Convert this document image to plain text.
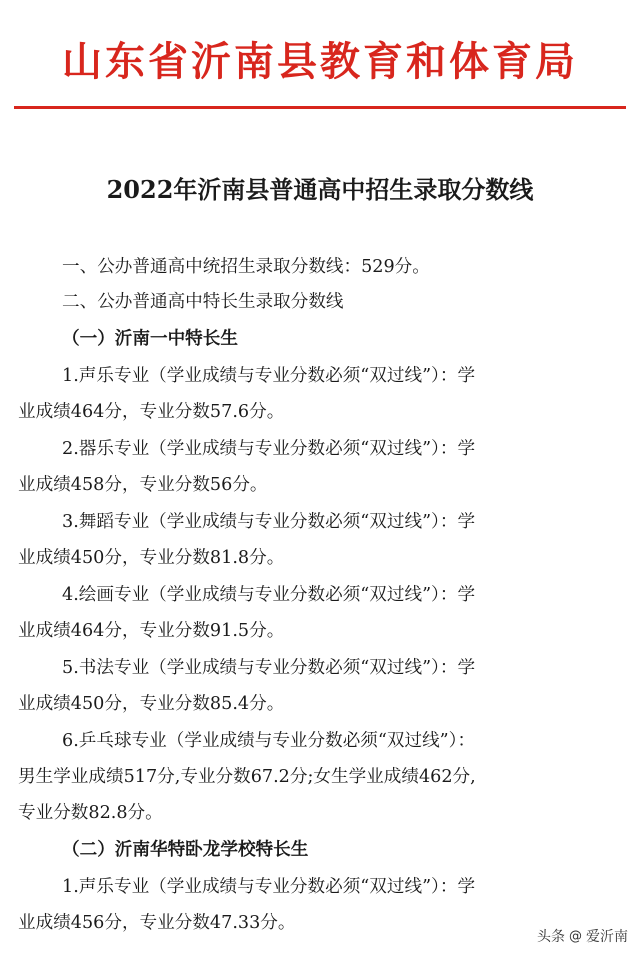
山东省沂南县教育和体育局
2022年沂南县普通高中招生录取分数线
一、公办普通高中统招生录取分数线：529分。
二、公办普通高中特长生录取分数线
（一）沂南一中特长生
1.声乐专业（学业成绩与专业分数必须“双过线”）：学
业成绩464分，专业分数57.6分。
2.器乐专业（学业成绩与专业分数必须“双过线”）：学
业成绩458分，专业分数56分。
3.舞蹈专业（学业成绩与专业分数必须“双过线”）：学
业成绩450分，专业分数81.8分。
4.绘画专业（学业成绩与专业分数必须“双过线”）：学
业成绩464分，专业分数91.5分。
5.书法专业（学业成绩与专业分数必须“双过线”）：学
业成绩450分，专业分数85.4分。
6.乒乓球专业（学业成绩与专业分数必须“双过线”）：
男生学业成绩517分,专业分数67.2分;女生学业成绩462分,
专业分数82.8分。
（二）沂南华特卧龙学校特长生
1.声乐专业（学业成绩与专业分数必须“双过线”）：学
业成绩456分，专业分数47.33分。
头条 @ 爱沂南
